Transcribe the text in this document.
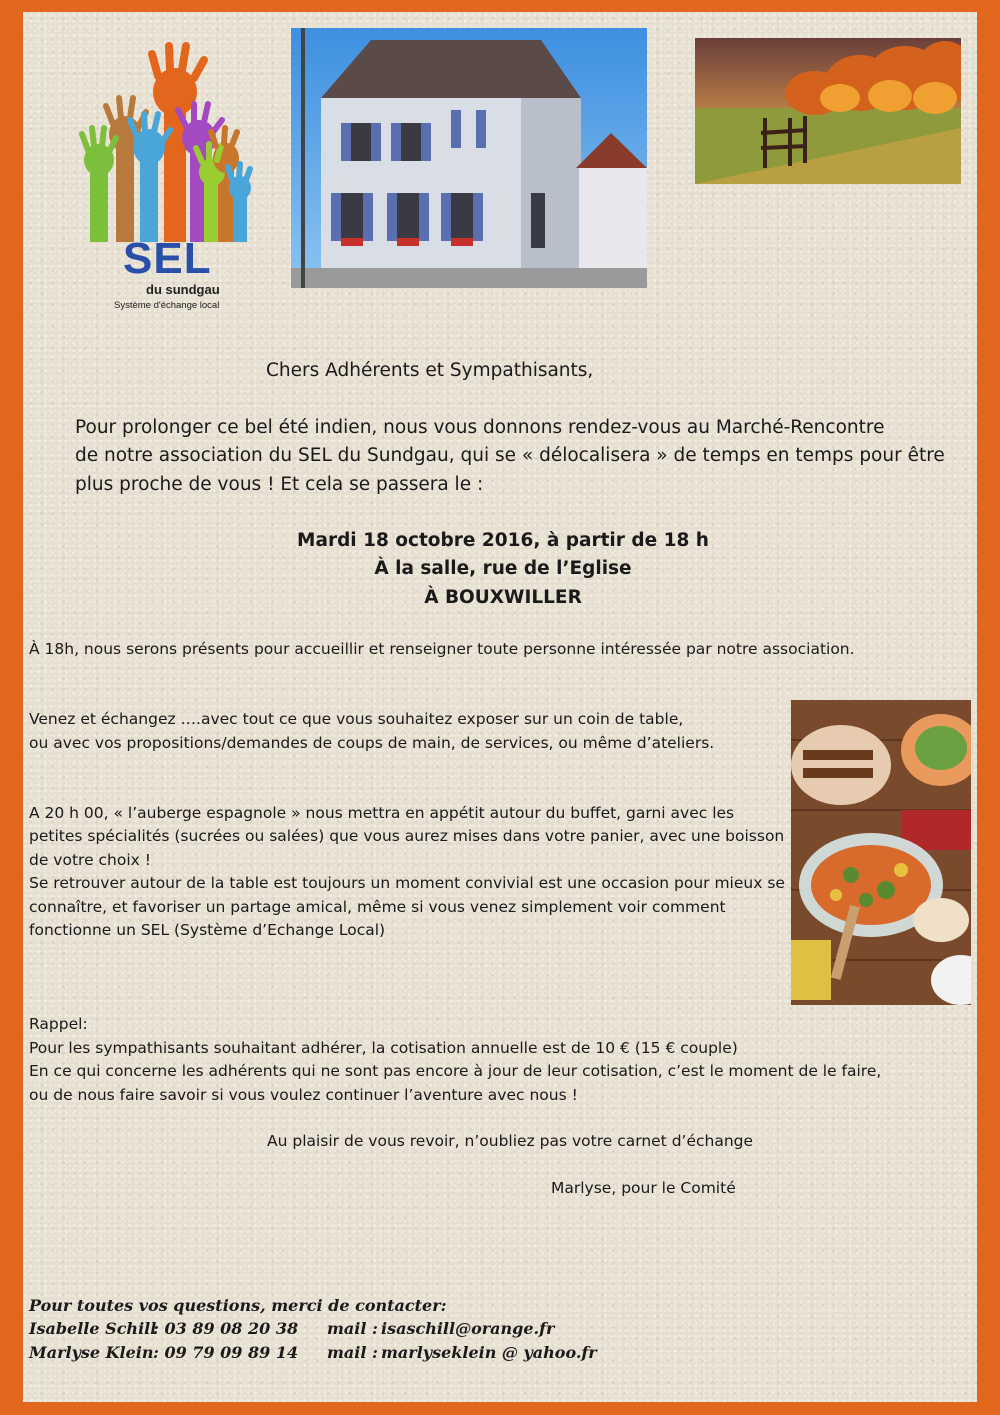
SEL
du sundgau
Système d'échange local
Chers Adhérents et Sympathisants,
Pour prolonger ce bel été indien, nous vous donnons rendez-vous au Marché-Rencontre
de notre association du SEL du Sundgau, qui se « délocalisera » de temps en temps pour être
plus proche de vous ! Et cela se passera le :
Mardi 18 octobre 2016, à partir de 18 h
À la salle, rue de l’Eglise
À BOUXWILLER
À 18h, nous serons présents pour accueillir et renseigner toute personne intéressée par notre association.
Venez et échangez ….avec tout ce que vous souhaitez exposer sur un coin de table,
ou avec vos propositions/demandes de coups de main, de services, ou même d’ateliers.
A 20 h 00, « l’auberge espagnole » nous mettra en appétit autour du buffet, garni avec les
petites spécialités (sucrées ou salées) que vous aurez mises dans votre panier, avec une boisson
de votre choix !
Se retrouver autour de la table est toujours un moment convivial est une occasion pour mieux se
connaître, et favoriser un partage amical, même si vous venez simplement voir comment
fonctionne un SEL (Système d’Echange Local)
Rappel:
Pour les sympathisants souhaitant adhérer, la cotisation annuelle est de 10 € (15 € couple)
En ce qui concerne les adhérents qui ne sont pas encore à jour de leur cotisation, c’est le moment de le faire,
ou de nous faire savoir si vous voulez continuer l’aventure avec nous !
Au plaisir de vous revoir, n’oubliez pas votre carnet d’échange
Marlyse, pour le Comité
Pour toutes vos questions, merci de contacter:
Isabelle Schill
: 03 89 08 20 38 mail : isaschill@orange.fr
Marlyse Klein : 09 79 09 89 14 mail : marlyseklein @ yahoo.fr
